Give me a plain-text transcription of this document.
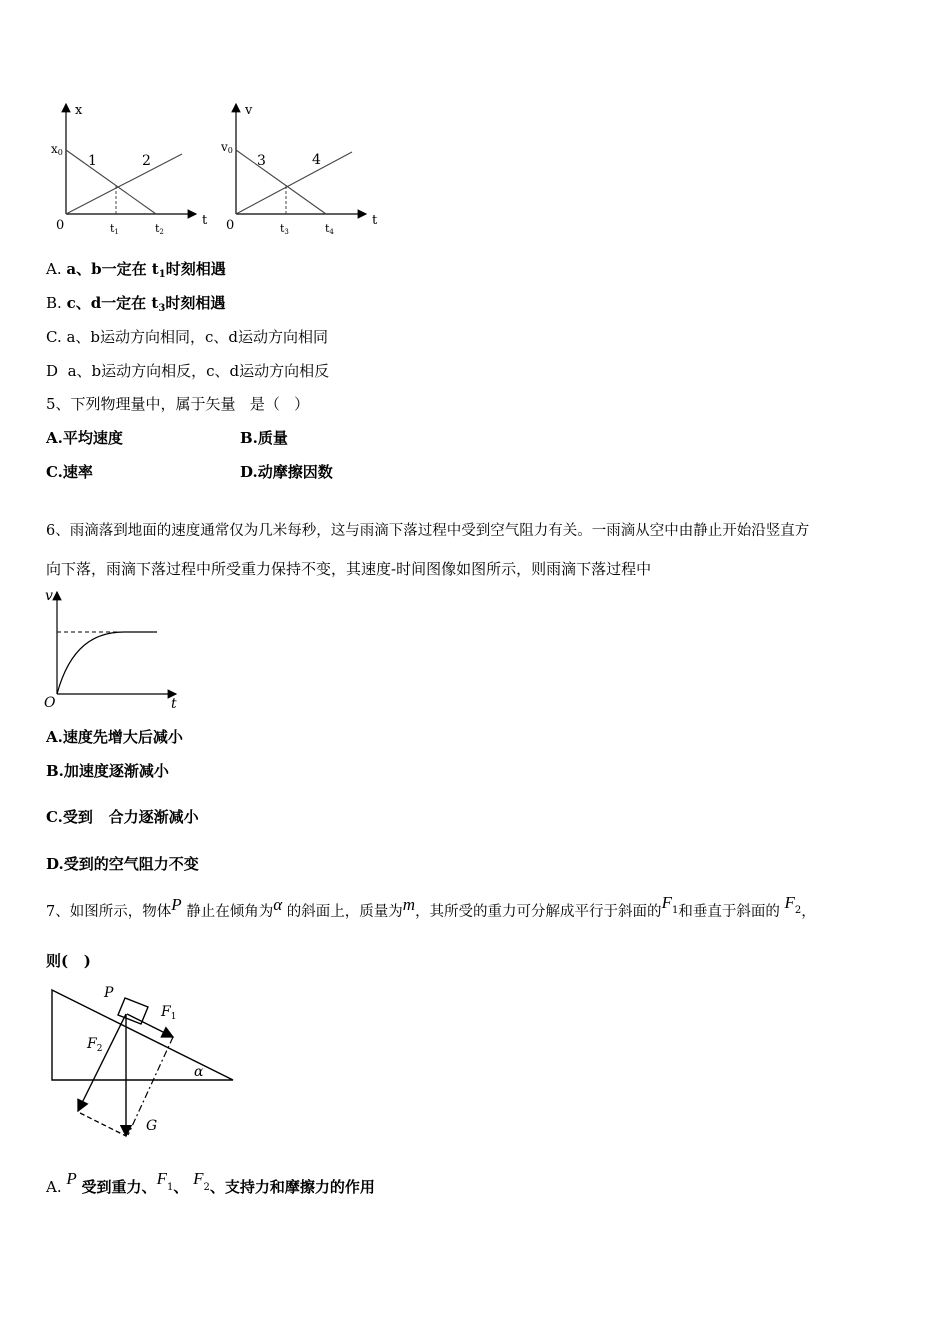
x
t
0
x0
1	2
t1	t2
v
t
0
v0
3	4
t3	t4
A. a、b一定在 $t_1$时刻相遇
B. c、d一定在 $t_3$时刻相遇
C. a、b运动方向相同，c、d运动方向相同
D  a、b运动方向相反，c、d运动方向相反
5、下列物理量中，属于矢量   是（   ）
A.平均速度	B.质量
C.速率	D.动摩擦因数
6、雨滴落到地面的速度通常仅为几米每秒，这与雨滴下落过程中受到空气阻力有关。一雨滴从空中由静止开始沿竖直方
向下落，雨滴下落过程中所受重力保持不变，其速度-时间图像如图所示，则雨滴下落过程中
v
t
O
A.速度先增大后减小
B.加速度逐渐减小
C.受到   合力逐渐减小
D.受到的空气阻力不变
7、如图所示，物体P 静止在倾角为α 的斜面上，质量为m，其所受的重力可分解成平行于斜面的$F_1$和垂直于斜面的 $F_2$，
则(   )
P
$F_1$
$F_2$
α
G
A. P 受到重力、$F_1$、 $F_2$、支持力和摩擦力的作用
